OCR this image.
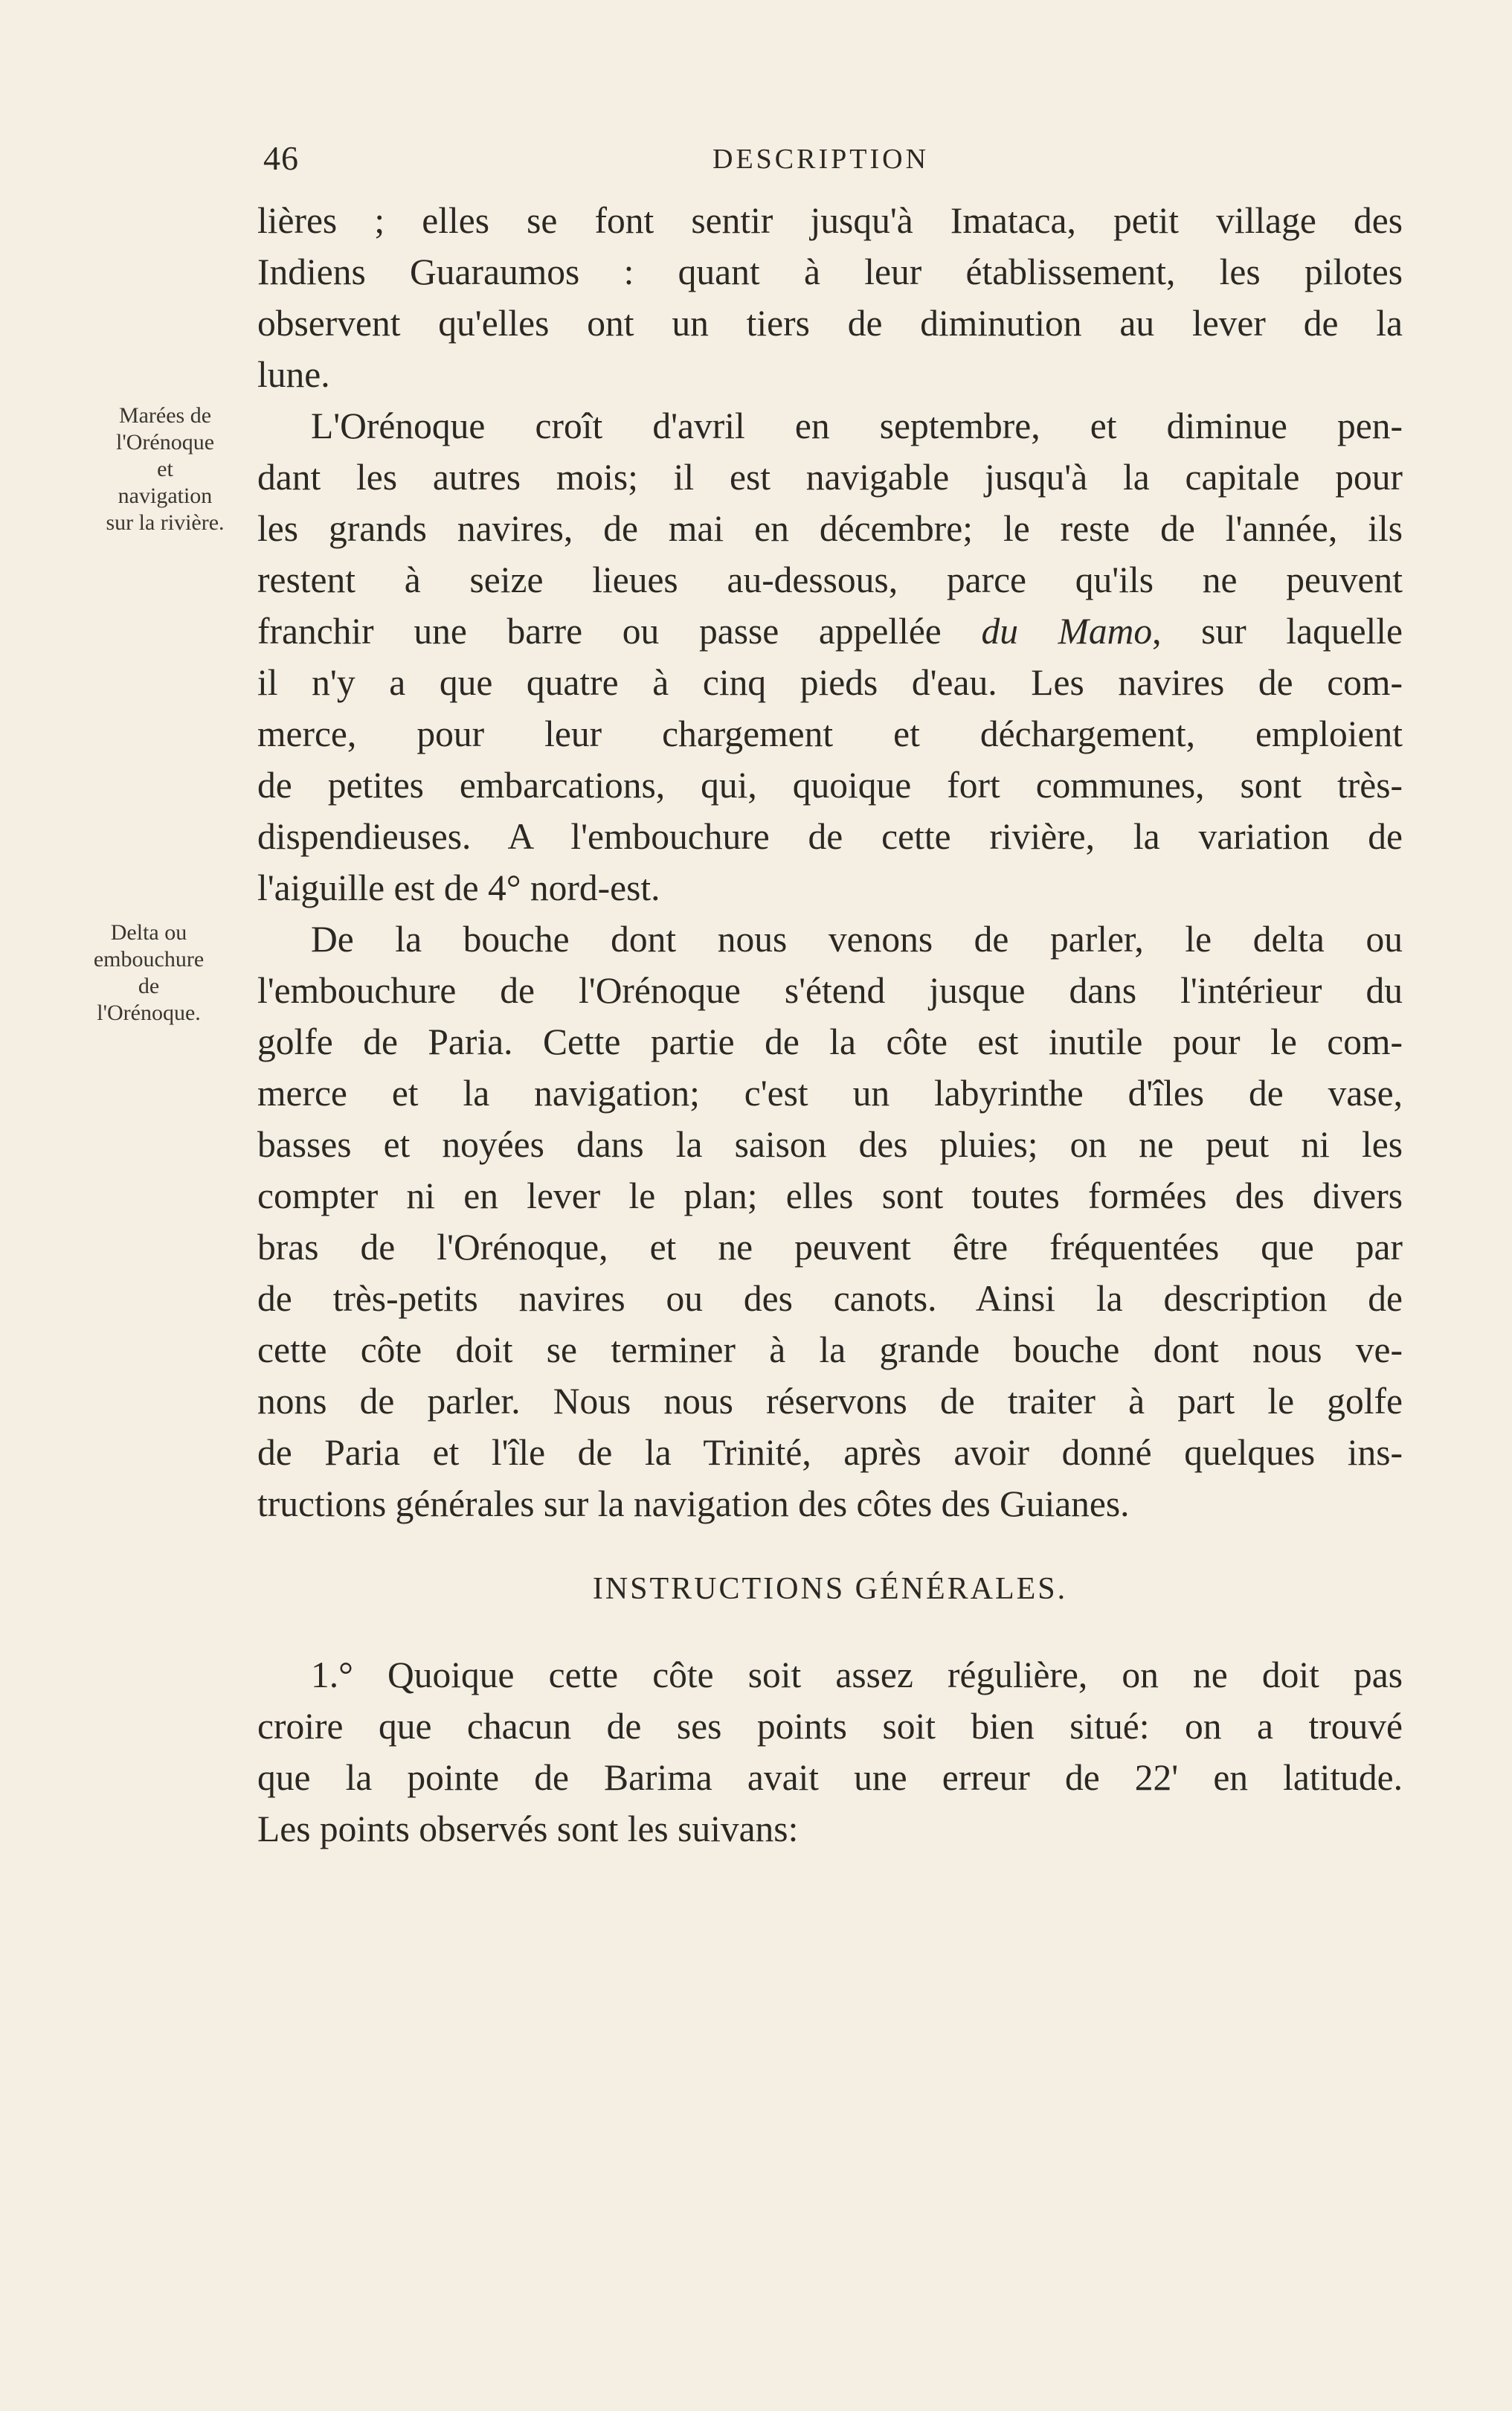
46	DESCRIPTION
Marées de
l'Orénoque
et
navigation
sur la rivière.
Delta ou
embouchure
de
l'Orénoque.
lières ; elles se font sentir jusqu'à Imataca, petit village des
Indiens Guaraumos : quant à leur établissement, les pilotes
observent qu'elles ont un tiers de diminution au lever de la
lune.
L'Orénoque croît d'avril en septembre, et diminue pen-
dant les autres mois; il est navigable jusqu'à la capitale pour
les grands navires, de mai en décembre; le reste de l'année, ils
restent à seize lieues au-dessous, parce qu'ils ne peuvent
franchir une barre ou passe appellée du Mamo, sur laquelle
il n'y a que quatre à cinq pieds d'eau. Les navires de com-
merce, pour leur chargement et déchargement, emploient
de petites embarcations, qui, quoique fort communes, sont très-
dispendieuses. A l'embouchure de cette rivière, la variation de
l'aiguille est de 4° nord-est.
De la bouche dont nous venons de parler, le delta ou
l'embouchure de l'Orénoque s'étend jusque dans l'intérieur du
golfe de Paria. Cette partie de la côte est inutile pour le com-
merce et la navigation; c'est un labyrinthe d'îles de vase,
basses et noyées dans la saison des pluies; on ne peut ni les
compter ni en lever le plan; elles sont toutes formées des divers
bras de l'Orénoque, et ne peuvent être fréquentées que par
de très-petits navires ou des canots. Ainsi la description de
cette côte doit se terminer à la grande bouche dont nous ve-
nons de parler. Nous nous réservons de traiter à part le golfe
de Paria et l'île de la Trinité, après avoir donné quelques ins-
tructions générales sur la navigation des côtes des Guianes.
INSTRUCTIONS GÉNÉRALES.
1.° Quoique cette côte soit assez régulière, on ne doit pas
croire que chacun de ses points soit bien situé: on a trouvé
que la pointe de Barima avait une erreur de 22' en latitude.
Les points observés sont les suivans:
